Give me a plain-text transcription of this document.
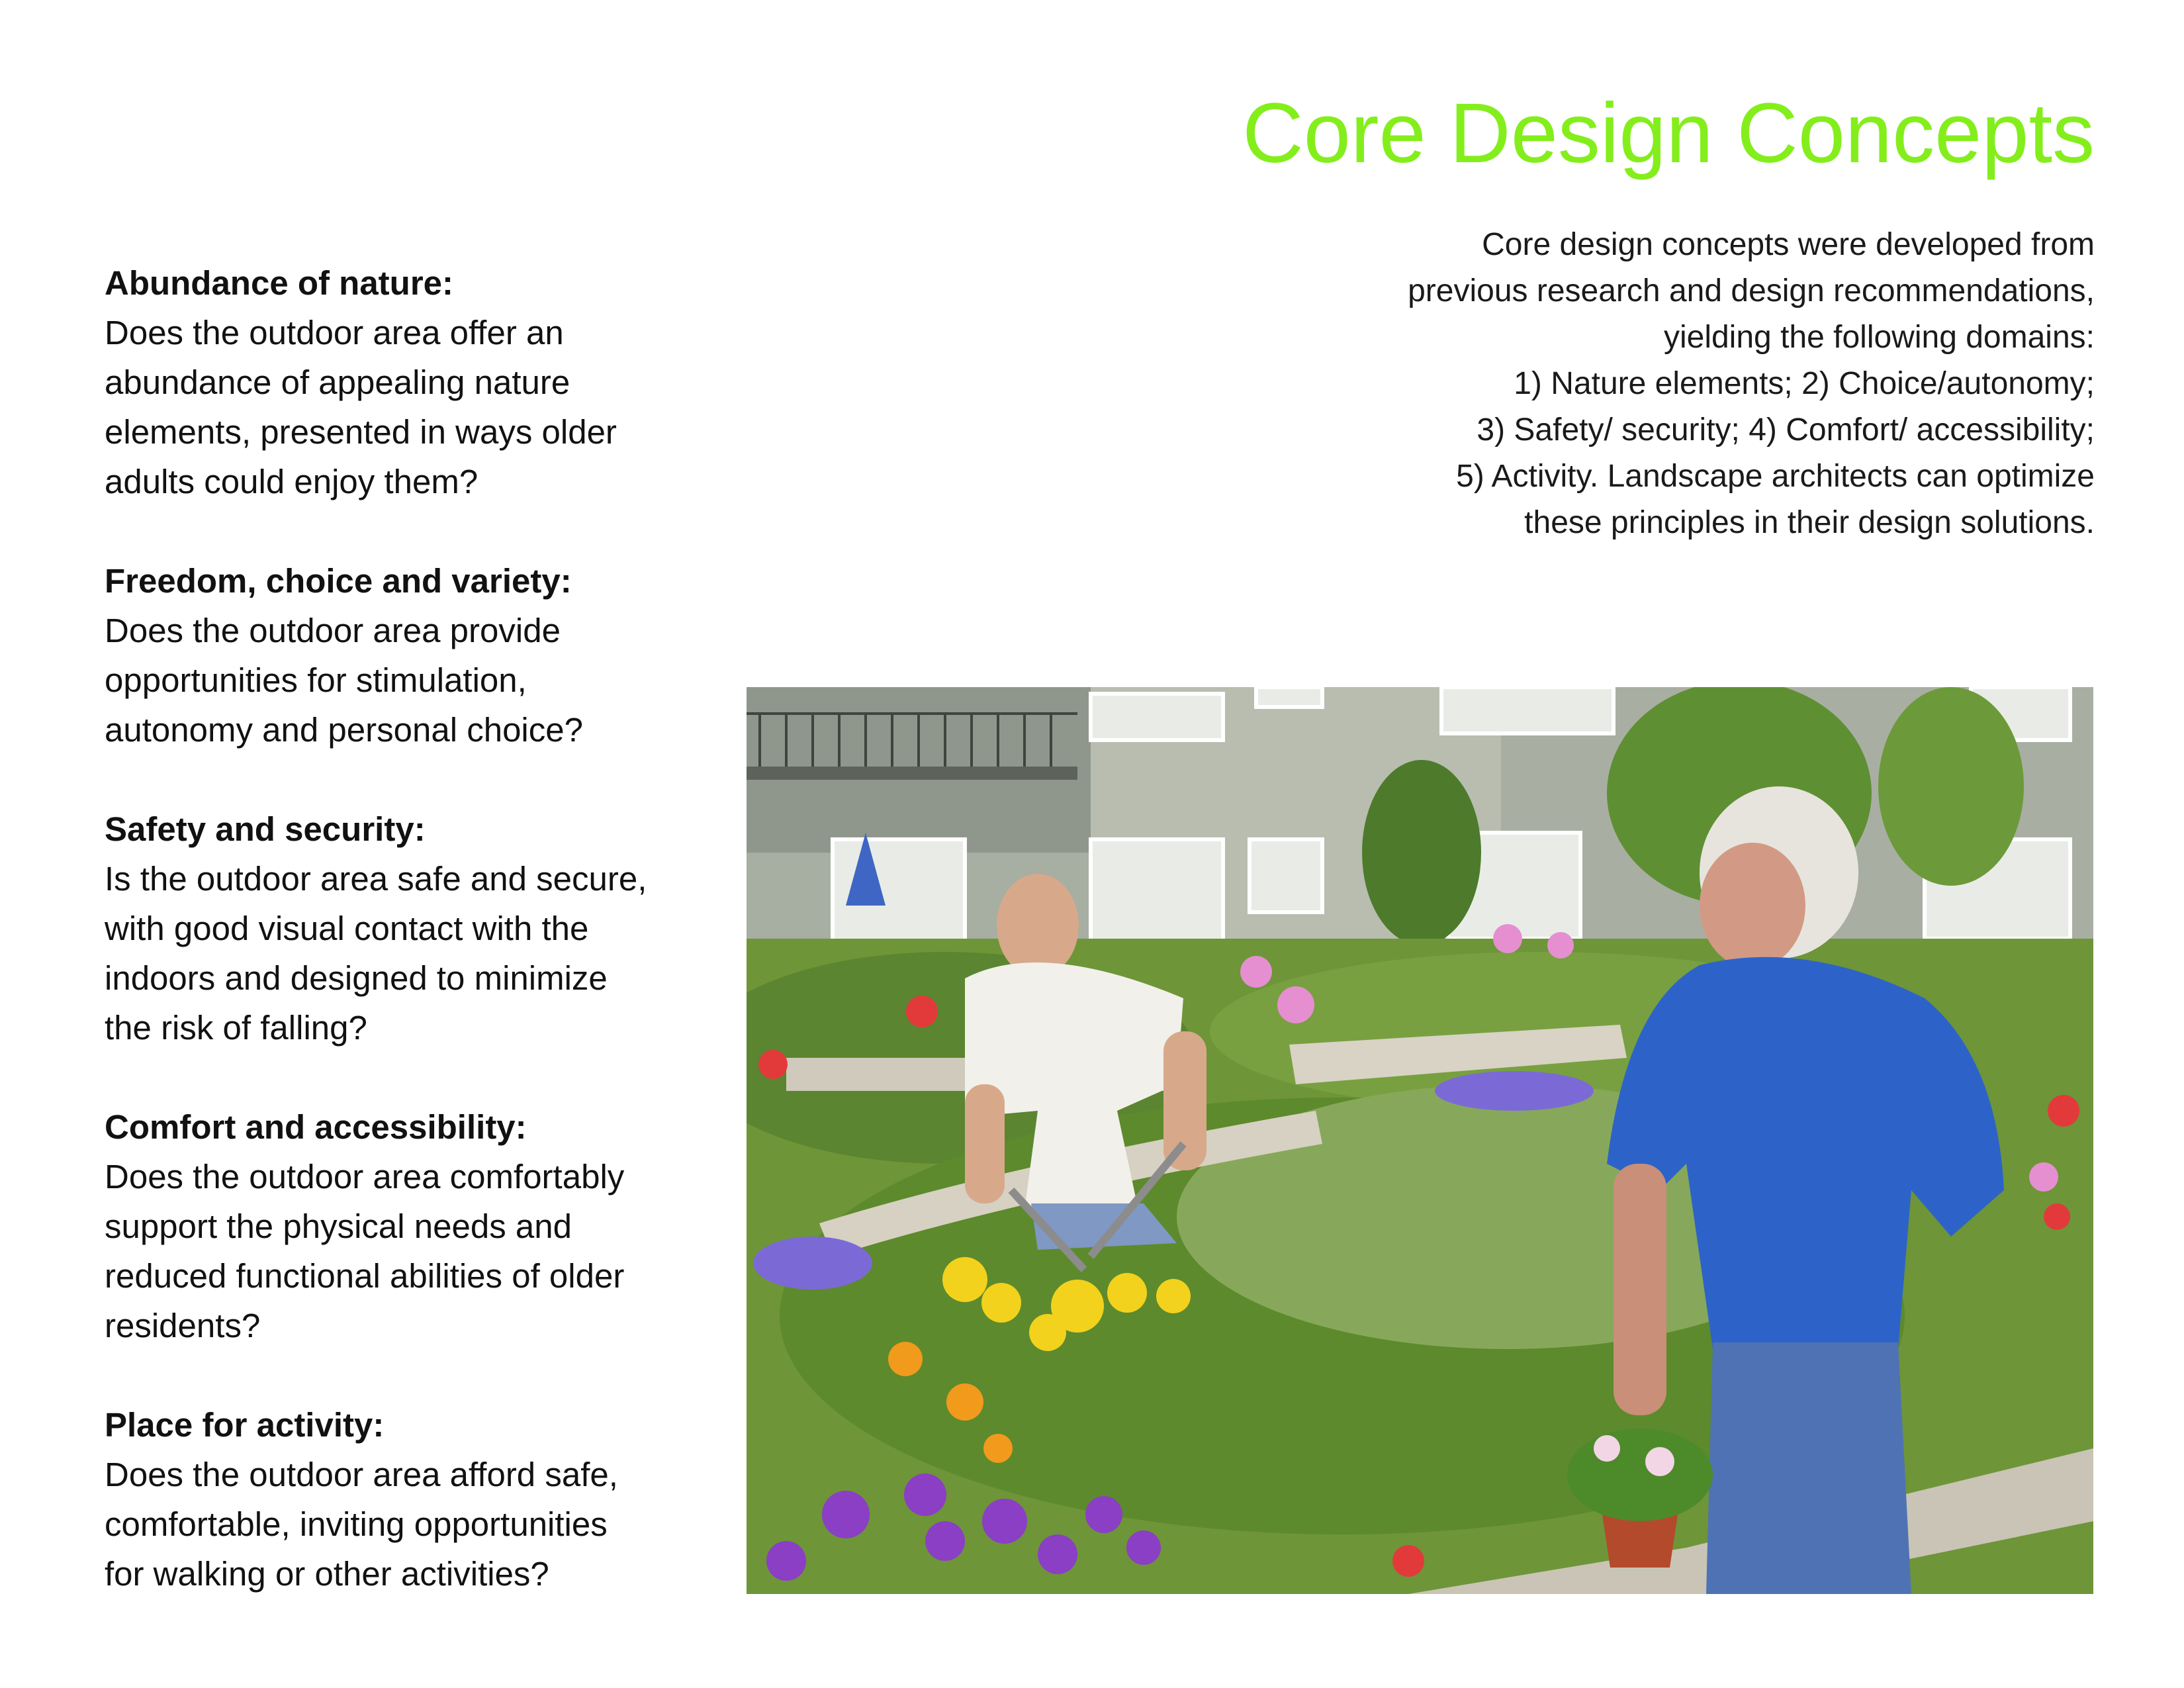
Core Design Concepts
Core design concepts were developed from
previous research and design recommendations,
yielding the following domains:
1) Nature elements; 2) Choice/autonomy;
3) Safety/ security; 4) Comfort/ accessibility;
5) Activity. Landscape architects can optimize
these principles in their design solutions.
Abundance of nature:
Does the outdoor area offer an
abundance of appealing nature
elements, presented in ways older
adults could enjoy them?
Freedom, choice and variety:
Does the outdoor area provide
opportunities for stimulation,
autonomy and personal choice?
Safety and security:
Is the outdoor area safe and secure,
with good visual contact with the
indoors and designed to minimize
the risk of falling?
Comfort and accessibility:
Does the outdoor area comfortably
support the physical needs and
reduced functional abilities of older
residents?
Place for activity:
Does the outdoor area afford safe,
comfortable, inviting opportunities
for walking or other activities?
